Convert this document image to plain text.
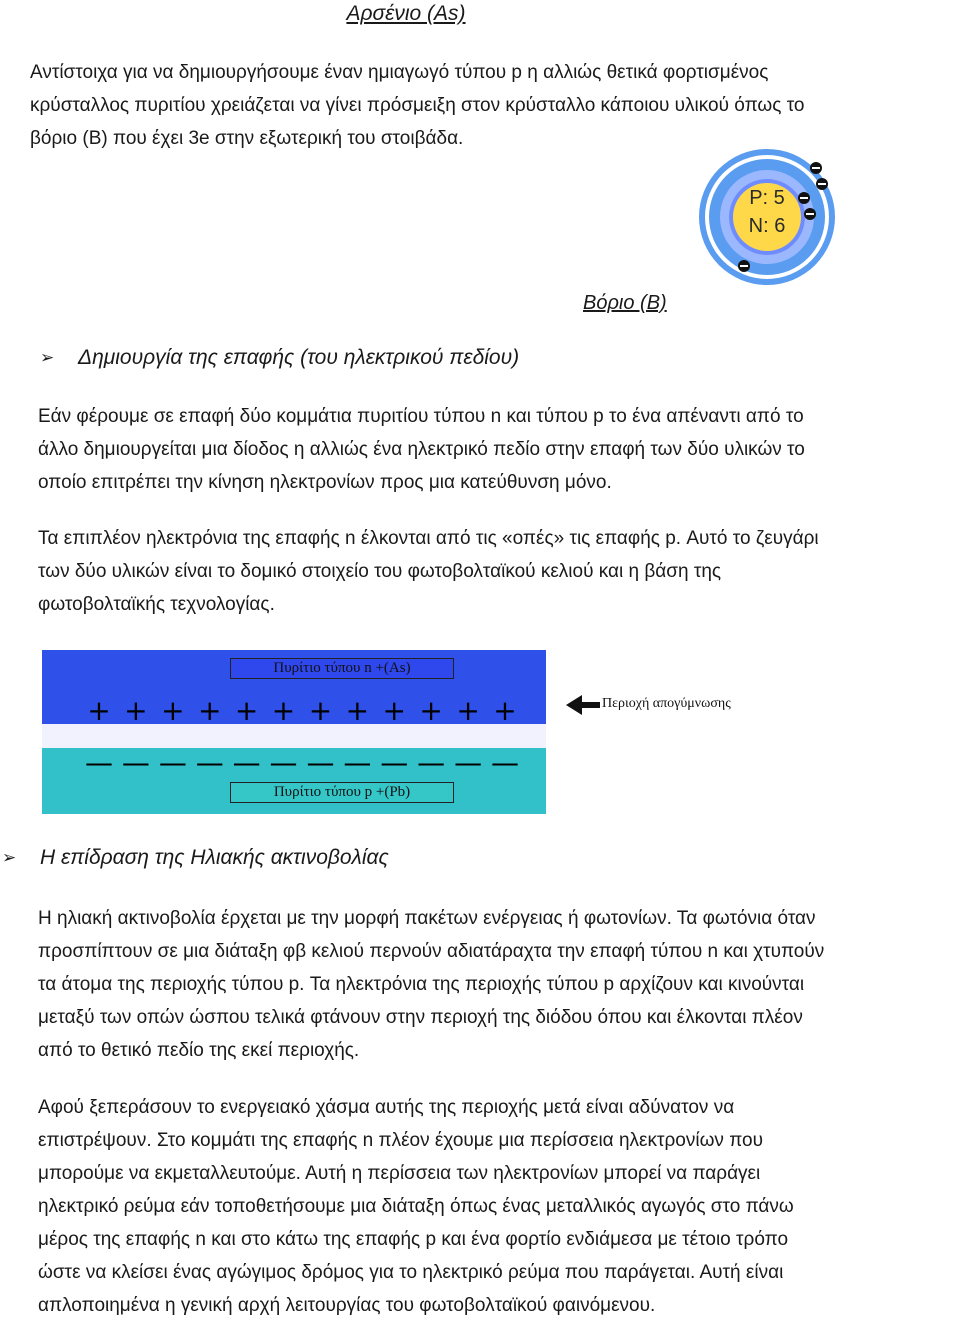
Αρσένιο (As)

Αντίστοιχα για να δημιουργήσουμε έναν ημιαγωγό τύπου p η αλλιώς θετικά φορτισμένος

κρύσταλλος πυριτίου χρειάζεται να γίνει πρόσμειξη στον κρύσταλλο κάποιου υλικού όπως το

βόριο (B) που έχει 3e στην εξωτερική του στοιβάδα.

P: 5
N: 6
Βόριο (B)
➢	Δημιουργία της επαφής (του ηλεκτρικού πεδίου)

Εάν φέρουμε σε επαφή δύο κομμάτια πυριτίου τύπου n και τύπου p το ένα απέναντι από το

άλλο δημιουργείται μια δίοδος η αλλιώς ένα ηλεκτρικό πεδίο στην επαφή των δύο υλικών το

οποίο επιτρέπει την κίνηση ηλεκτρονίων προς μια κατεύθυνση μόνο.

Τα επιπλέον ηλεκτρόνια της επαφής n έλκονται από τις «οπές» τις επαφής p. Αυτό το ζευγάρι

των δύο υλικών είναι το δομικό στοιχείο του φωτοβολταϊκού κελιού και η βάση της

φωτοβολταϊκής τεχνολογίας.

Πυρίτιο τύπου n +(As)
+ + + + + + + + + + + +
— — — — — — — — — — — —
Πυρίτιο τύπου p +(Pb)
Περιοχή απογύμνωσης
➢	Η επίδραση της Ηλιακής ακτινοβολίας

Η ηλιακή ακτινοβολία έρχεται με την μορφή πακέτων ενέργειας ή φωτονίων. Τα φωτόνια όταν

προσπίπτουν σε μια διάταξη φβ κελιού περνούν αδιατάραχτα την επαφή τύπου n και χτυπούν

τα άτομα της περιοχής τύπου p. Τα ηλεκτρόνια της περιοχής τύπου p αρχίζουν και κινούνται

μεταξύ των οπών ώσπου τελικά φτάνουν στην περιοχή της διόδου όπου και έλκονται πλέον

από το θετικό πεδίο της εκεί περιοχής.

Αφού ξεπεράσουν το ενεργειακό χάσμα αυτής της περιοχής μετά είναι αδύνατον να

επιστρέψουν. Στο κομμάτι της επαφής n πλέον έχουμε μια περίσσεια ηλεκτρονίων που

μπορούμε να εκμεταλλευτούμε. Αυτή η περίσσεια των ηλεκτρονίων μπορεί να παράγει

ηλεκτρικό ρεύμα εάν τοποθετήσουμε μια διάταξη όπως ένας μεταλλικός αγωγός στο πάνω

μέρος της επαφής n και στο κάτω της επαφής p και ένα φορτίο ενδιάμεσα με τέτοιο τρόπο

ώστε να κλείσει ένας αγώγιμος δρόμος για το ηλεκτρικό ρεύμα που παράγεται. Αυτή είναι

απλοποιημένα η γενική αρχή λειτουργίας του φωτοβολταϊκού φαινόμενου.
